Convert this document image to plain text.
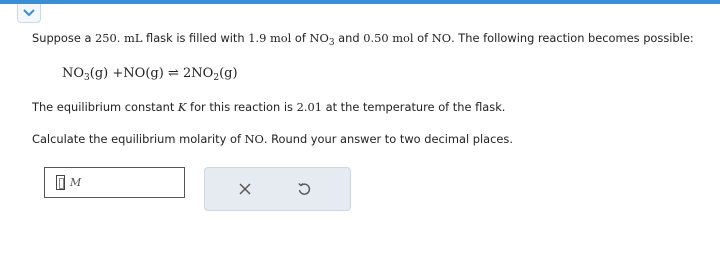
Suppose a 250. mL flask is filled with 1.9 mol of $NO_3$ and 0.50 mol of NO. The following reaction becomes possible:
$NO_3(g) +NO(g)$ ⇌ $2NO_2(g)$
The equilibrium constant K for this reaction is 2.01 at the temperature of the flask.
Calculate the equilibrium molarity of NO. Round your answer to two decimal places.
M
